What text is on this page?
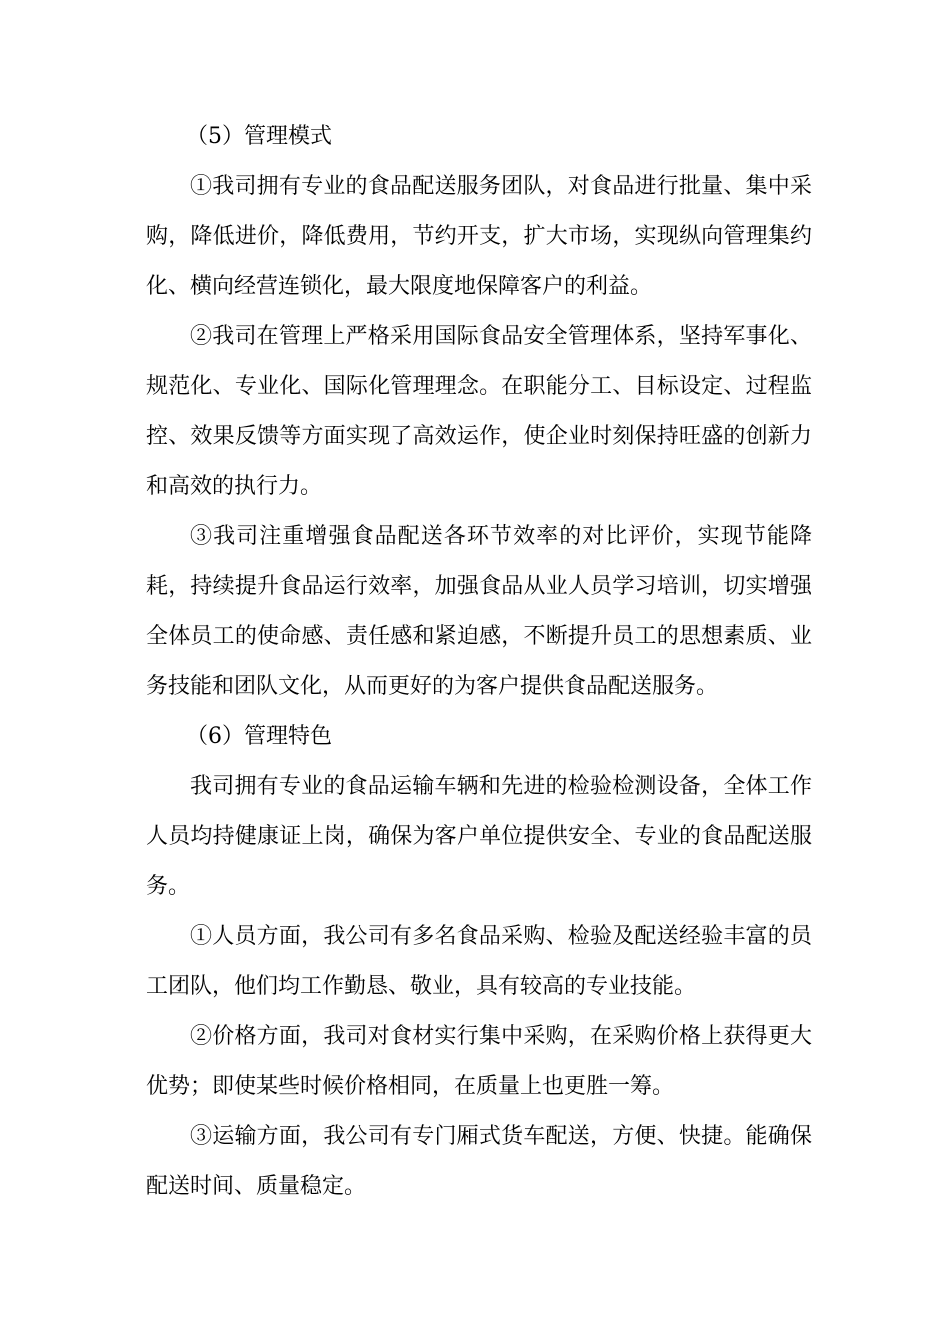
（5）管理模式

①我司拥有专业的食品配送服务团队，对食品进行批量、集中采购，降低进价，降低费用，节约开支，扩大市场，实现纵向管理集约化、横向经营连锁化，最大限度地保障客户的利益。

②我司在管理上严格采用国际食品安全管理体系，坚持军事化、规范化、专业化、国际化管理理念。在职能分工、目标设定、过程监控、效果反馈等方面实现了高效运作，使企业时刻保持旺盛的创新力和高效的执行力。

③我司注重增强食品配送各环节效率的对比评价，实现节能降耗，持续提升食品运行效率，加强食品从业人员学习培训，切实增强全体员工的使命感、责任感和紧迫感，不断提升员工的思想素质、业务技能和团队文化，从而更好的为客户提供食品配送服务。

（6）管理特色

我司拥有专业的食品运输车辆和先进的检验检测设备，全体工作人员均持健康证上岗，确保为客户单位提供安全、专业的食品配送服务。

①人员方面，我公司有多名食品采购、检验及配送经验丰富的员工团队，他们均工作勤恳、敬业，具有较高的专业技能。

②价格方面，我司对食材实行集中采购，在采购价格上获得更大优势；即使某些时候价格相同，在质量上也更胜一筹。

③运输方面，我公司有专门厢式货车配送，方便、快捷。能确保配送时间、质量稳定。
